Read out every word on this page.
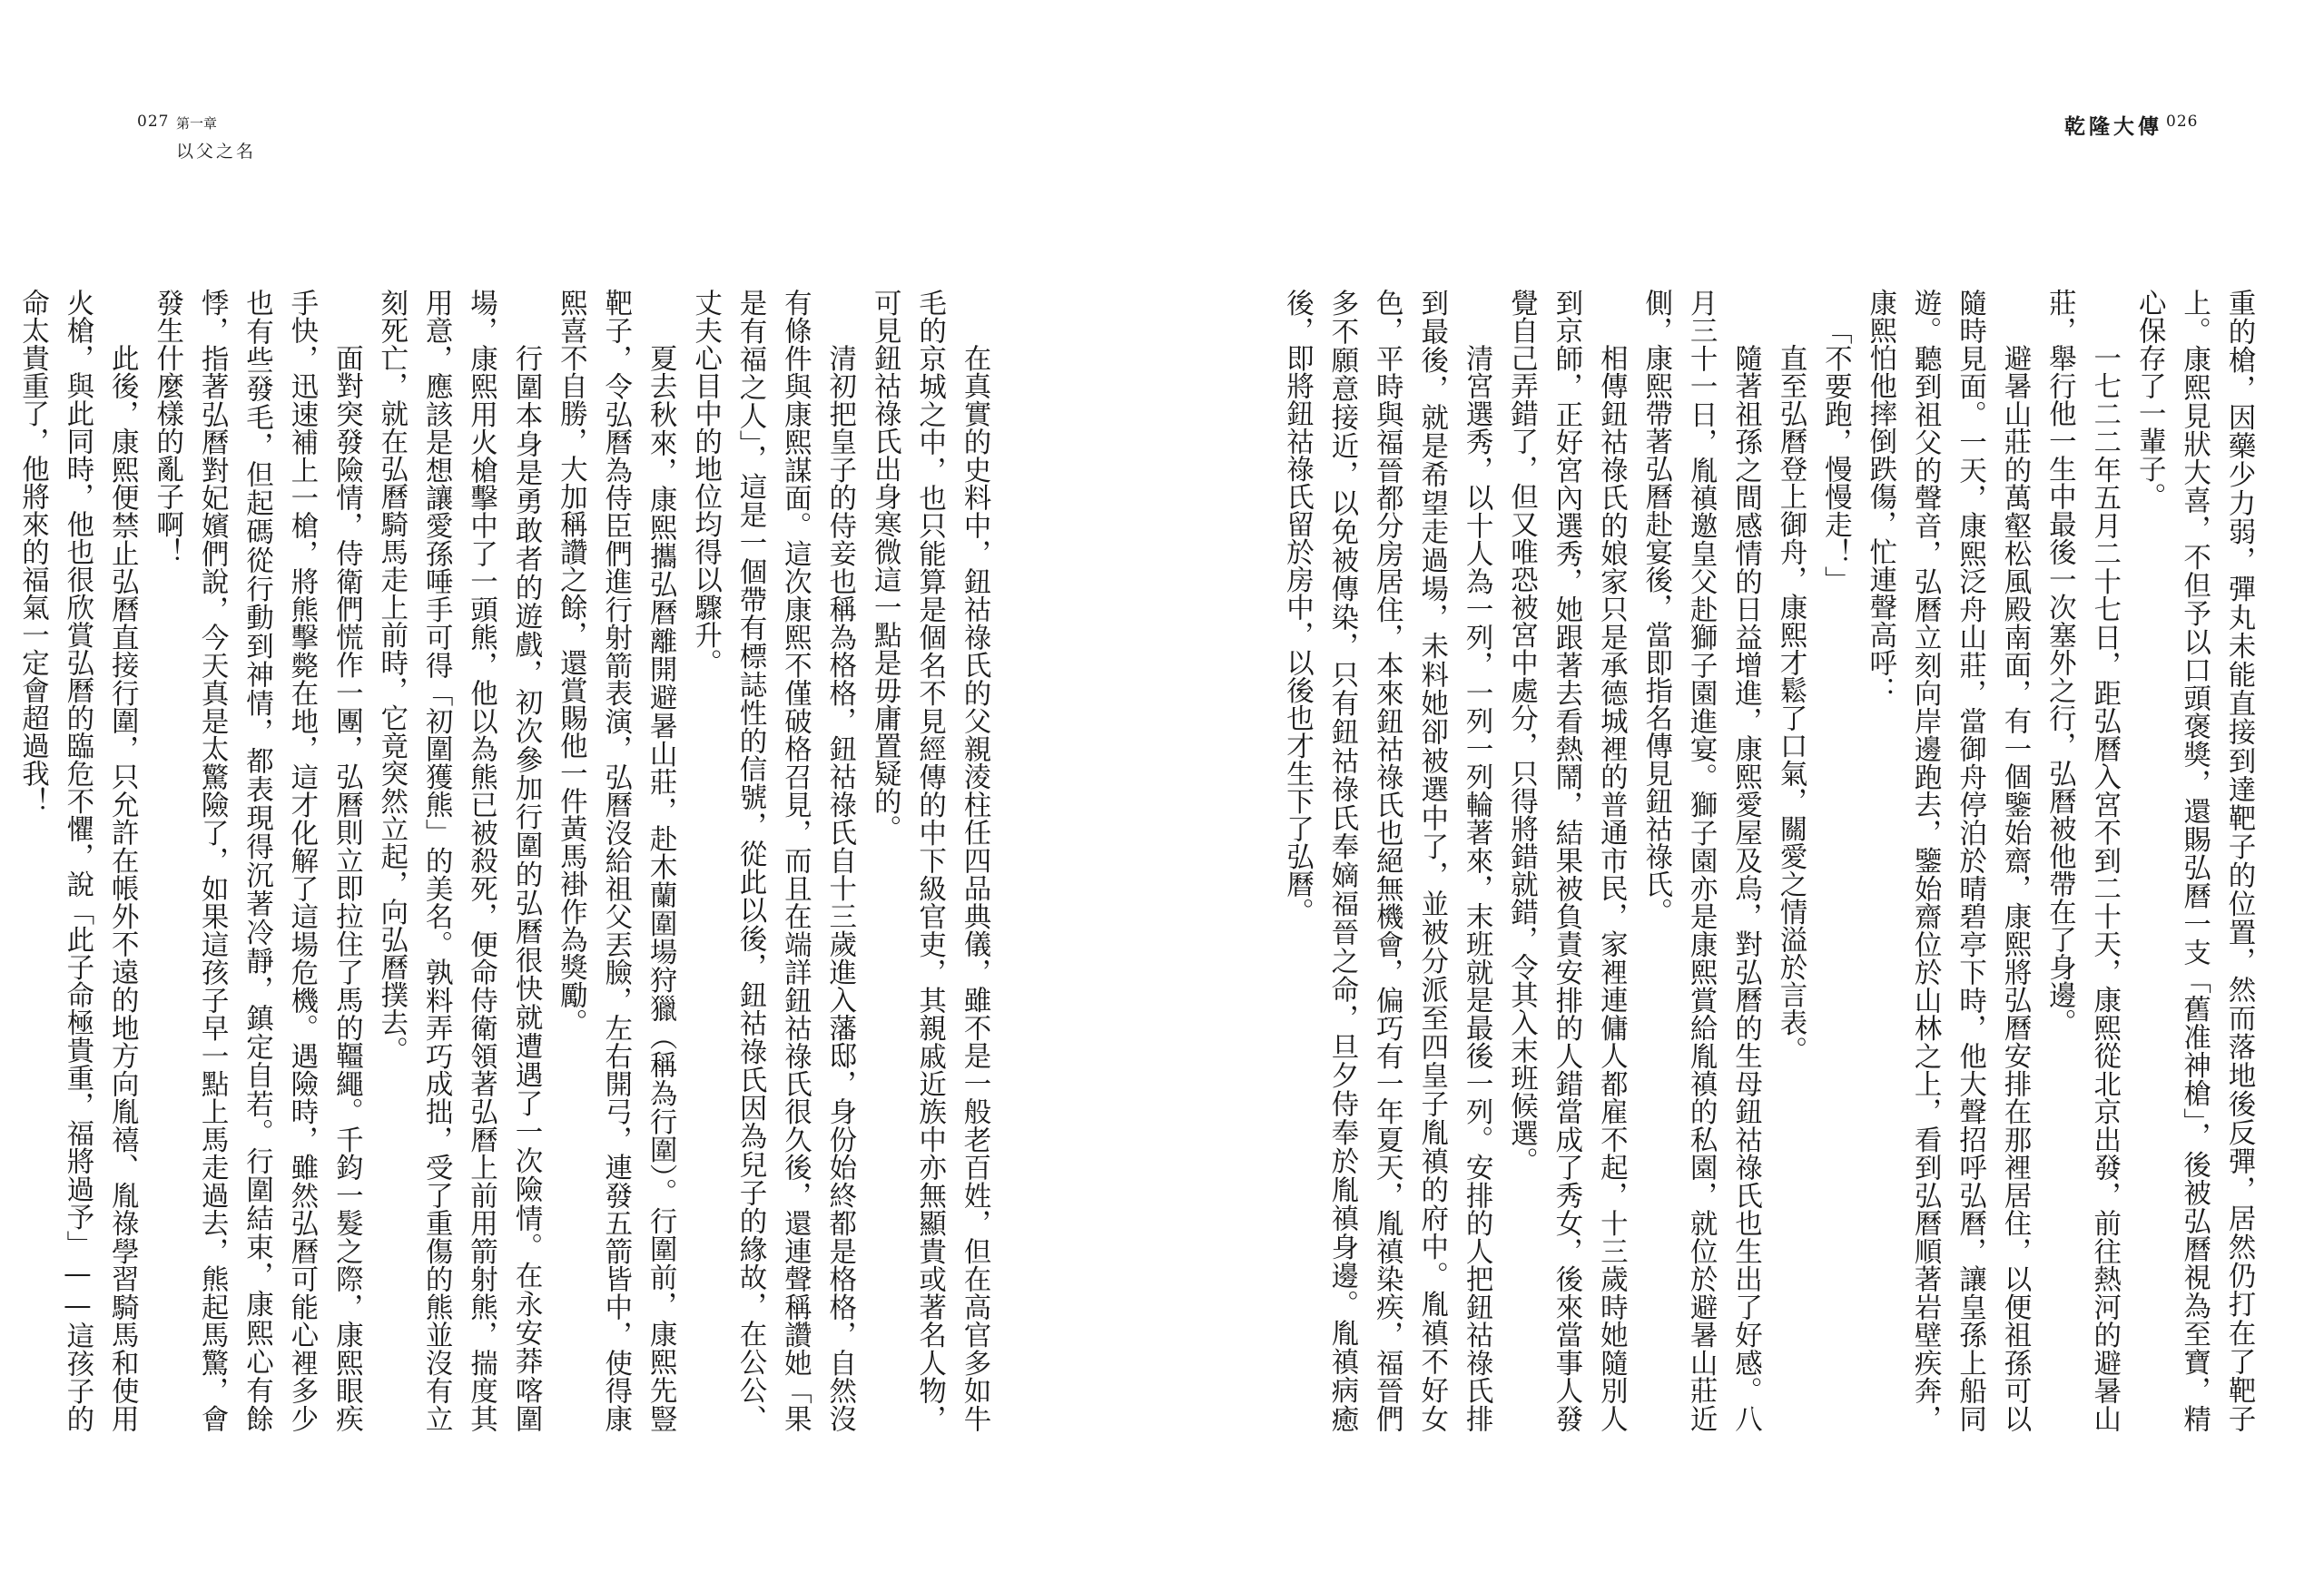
027 第一章
以父之名

在真實的史料中，鈕祜祿氏的父親淩柱任四品典儀，雖不是一般老百姓，但在高官多如牛毛的京城之中，也只能算是個名不見經傳的中下級官吏，其親戚近族中亦無顯貴或著名人物，可見鈕祜祿氏出身寒微這一點是毋庸置疑的。

清初把皇子的侍妾也稱為格格，鈕祜祿氏自十三歲進入藩邸，身份始終都是格格，自然沒有條件與康熙謀面。這次康熙不僅破格召見，而且在端詳鈕祜祿氏很久後，還連聲稱讚她「果是有福之人」，這是一個帶有標誌性的信號，從此以後，鈕祜祿氏因為兒子的緣故，在公公、丈夫心目中的地位均得以驟升。

夏去秋來，康熙攜弘曆離開避暑山莊，赴木蘭圍場狩獵（稱為行圍）。行圍前，康熙先豎靶子，令弘曆為侍臣們進行射箭表演，弘曆沒給祖父丟臉，左右開弓，連發五箭皆中，使得康熙喜不自勝，大加稱讚之餘，還賞賜他一件黃馬褂作為獎勵。

行圍本身是勇敢者的遊戲，初次參加行圍的弘曆很快就遭遇了一次險情。在永安莽喀圍場，康熙用火槍擊中了一頭熊，他以為熊已被殺死，便命侍衛領著弘曆上前用箭射熊，揣度其用意，應該是想讓愛孫唾手可得「初圍獲熊」的美名。孰料弄巧成拙，受了重傷的熊並沒有立刻死亡，就在弘曆騎馬走上前時，它竟突然立起，向弘曆撲去。

面對突發險情，侍衛們慌作一團，弘曆則立即拉住了馬的韁繩。千鈞一髮之際，康熙眼疾手快，迅速補上一槍，將熊擊斃在地，這才化解了這場危機。遇險時，雖然弘曆可能心裡多少也有些發毛，但起碼從行動到神情，都表現得沉著冷靜，鎮定自若。行圍結束，康熙心有餘悸，指著弘曆對妃嬪們說，今天真是太驚險了，如果這孩子早一點上馬走過去，熊起馬驚，會發生什麼樣的亂子啊！

此後，康熙便禁止弘曆直接行圍，只允許在帳外不遠的地方向胤禧、胤祿學習騎馬和使用火槍，與此同時，他也很欣賞弘曆的臨危不懼，說「此子命極貴重，福將過予」——這孩子的命太貴重了，他將來的福氣一定會超過我！

乾隆大傳 026

重的槍，因藥少力弱，彈丸未能直接到達靶子的位置，然而落地後反彈，居然仍打在了靶子上。康熙見狀大喜，不但予以口頭褒獎，還賜弘曆一支「舊准神槍」，後被弘曆視為至寶，精心保存了一輩子。

一七二二年五月二十七日，距弘曆入宮不到二十天，康熙從北京出發，前往熱河的避暑山莊，舉行他一生中最後一次塞外之行，弘曆被他帶在了身邊。

避暑山莊的萬壑松風殿南面，有一個鑒始齋，康熙將弘曆安排在那裡居住，以便祖孫可以隨時見面。一天，康熙泛舟山莊，當御舟停泊於晴碧亭下時，他大聲招呼弘曆，讓皇孫上船同遊。聽到祖父的聲音，弘曆立刻向岸邊跑去，鑒始齋位於山林之上，看到弘曆順著岩壁疾奔，康熙怕他摔倒跌傷，忙連聲高呼：

「不要跑，慢慢走！」

直至弘曆登上御舟，康熙才鬆了口氣，關愛之情溢於言表。

隨著祖孫之間感情的日益增進，康熙愛屋及烏，對弘曆的生母鈕祜祿氏也生出了好感。八月三十一日，胤禛邀皇父赴獅子園進宴。獅子園亦是康熙賞給胤禛的私園，就位於避暑山莊近側，康熙帶著弘曆赴宴後，當即指名傳見鈕祜祿氏。

相傳鈕祜祿氏的娘家只是承德城裡的普通市民，家裡連傭人都雇不起，十三歲時她隨別人到京師，正好宮內選秀，她跟著去看熱鬧，結果被負責安排的人錯當成了秀女，後來當事人發覺自己弄錯了，但又唯恐被宮中處分，只得將錯就錯，令其入末班候選。

清宮選秀，以十人為一列，一列一列輪著來，末班就是最後一列。安排的人把鈕祜祿氏排到最後，就是希望走過場，未料她卻被選中了，並被分派至四皇子胤禛的府中。胤禛不好女色，平時與福晉都分房居住，本來鈕祜祿氏也絕無機會，偏巧有一年夏天，胤禛染疾，福晉們多不願意接近，以免被傳染，只有鈕祜祿氏奉嫡福晉之命，旦夕侍奉於胤禛身邊。胤禛病癒後，即將鈕祜祿氏留於房中，以後也才生下了弘曆。
